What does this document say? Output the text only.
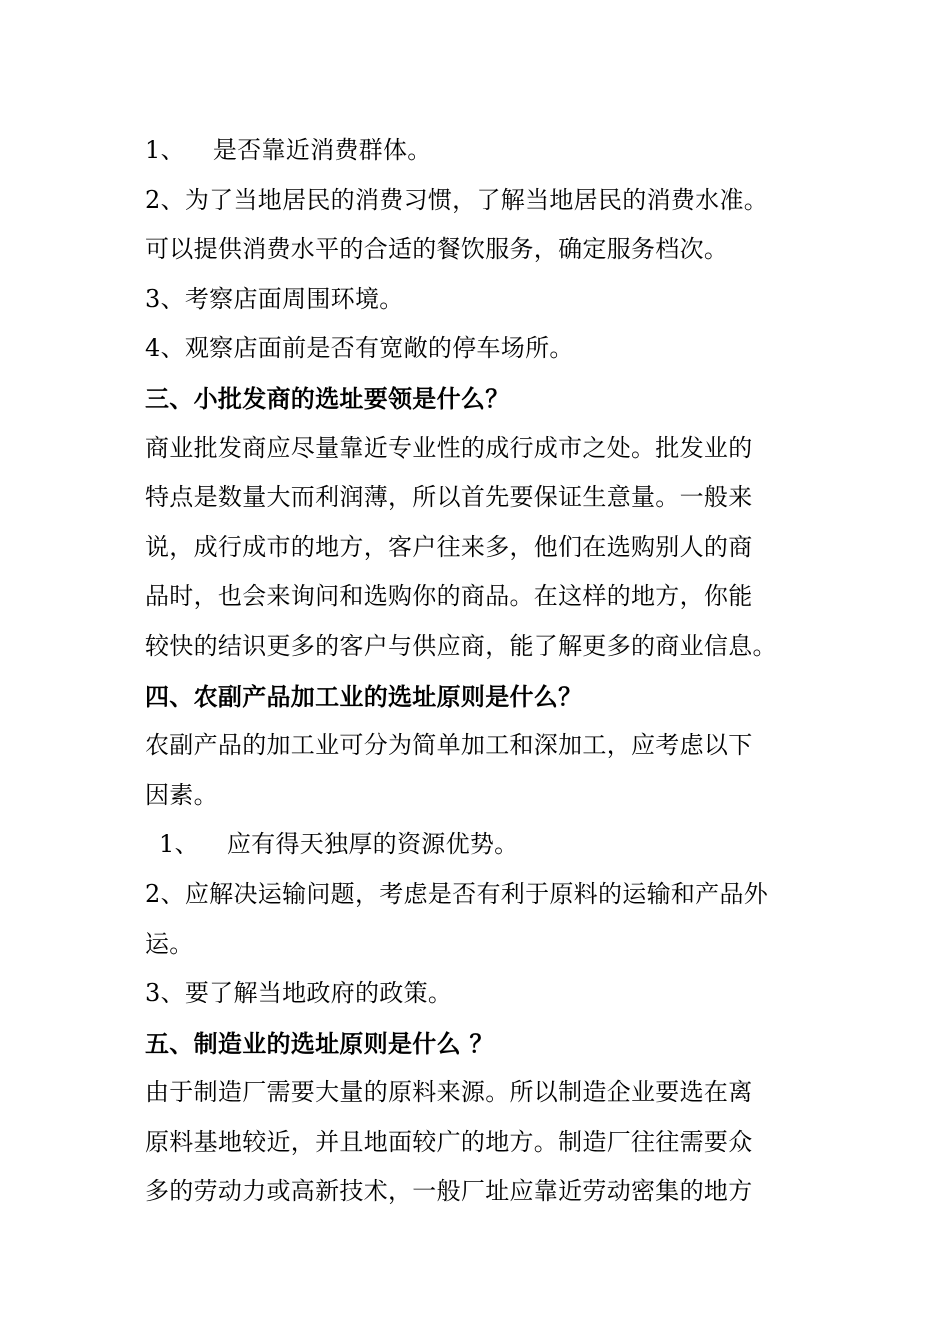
1、 是否靠近消费群体。
2、为了当地居民的消费习惯，了解当地居民的消费水准。
可以提供消费水平的合适的餐饮服务，确定服务档次。
3、考察店面周围环境。
4、观察店面前是否有宽敞的停车场所。
三、小批发商的选址要领是什么？
商业批发商应尽量靠近专业性的成行成市之处。批发业的
特点是数量大而利润薄，所以首先要保证生意量。一般来
说，成行成市的地方，客户往来多，他们在选购别人的商
品时，也会来询问和选购你的商品。在这样的地方，你能
较快的结识更多的客户与供应商，能了解更多的商业信息。
四、农副产品加工业的选址原则是什么？
农副产品的加工业可分为简单加工和深加工，应考虑以下
因素。
1、 应有得天独厚的资源优势。
2、应解决运输问题，考虑是否有利于原料的运输和产品外
运。
3、要了解当地政府的政策。
五、制造业的选址原则是什么 ？
由于制造厂需要大量的原料来源。所以制造企业要选在离
原料基地较近，并且地面较广的地方。制造厂往往需要众
多的劳动力或高新技术，一般厂址应靠近劳动密集的地方
